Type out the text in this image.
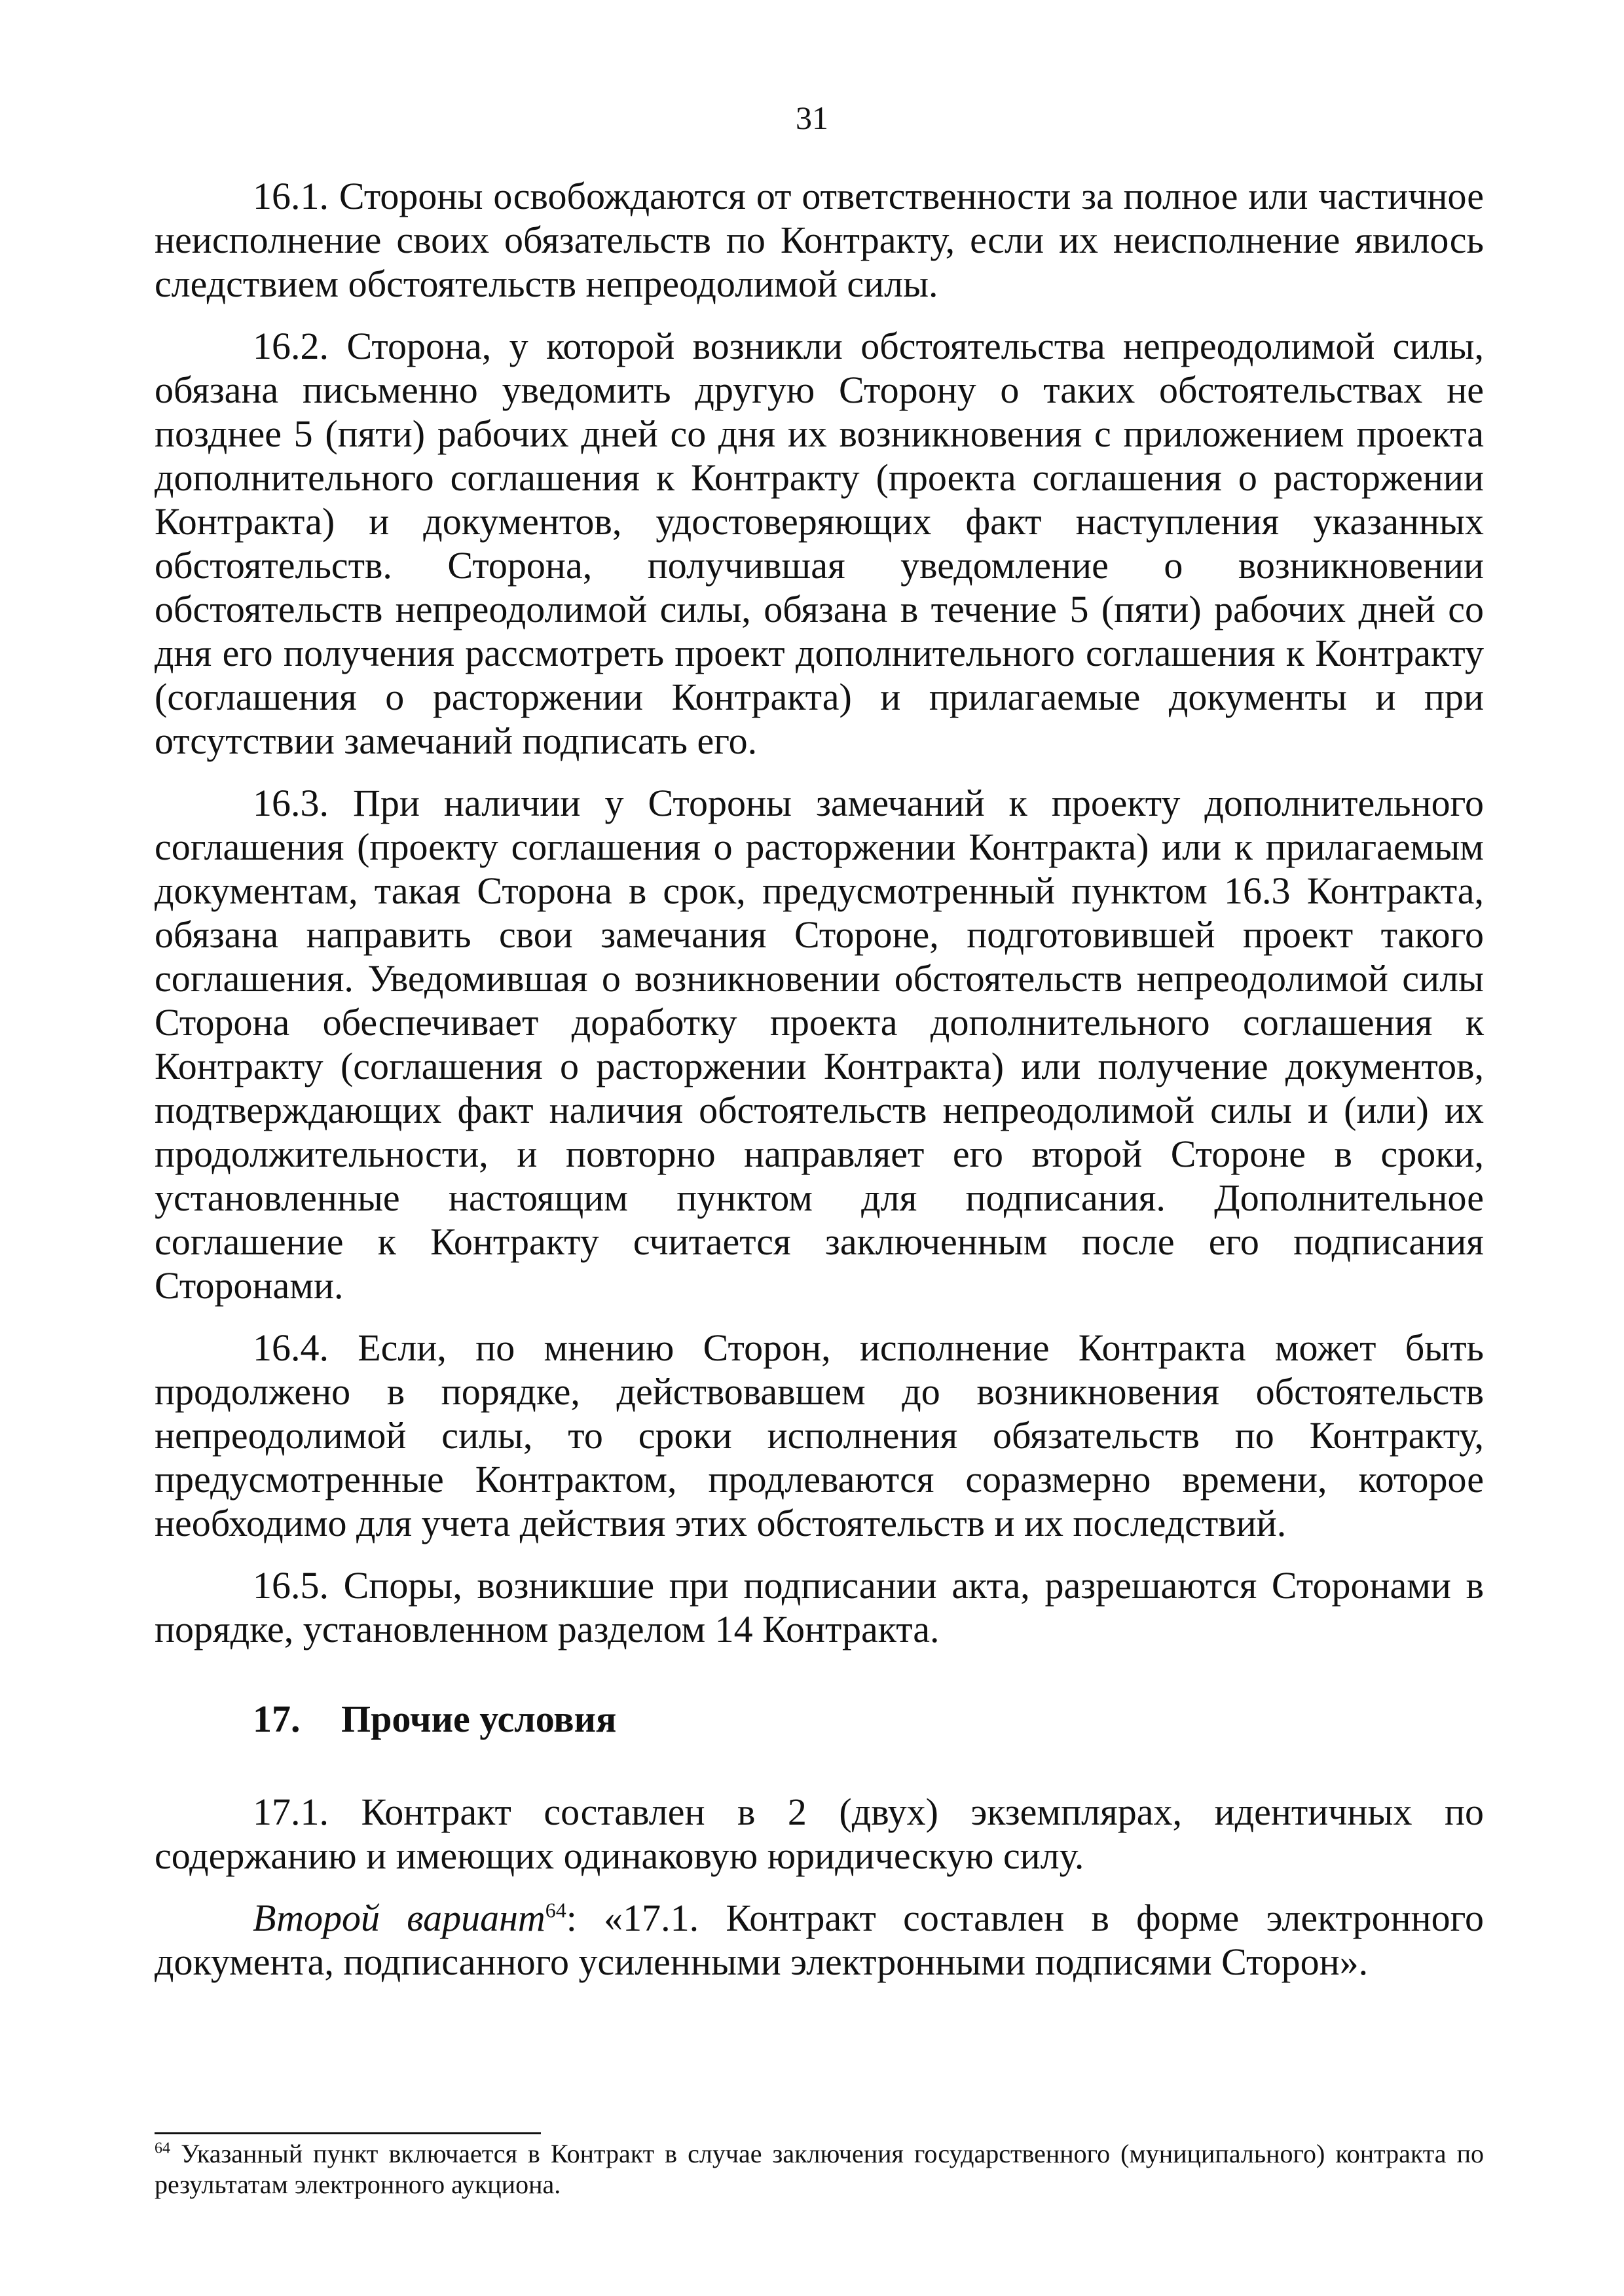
31

16.1. Стороны освобождаются от ответственности за полное или частичное неисполнение своих обязательств по Контракту, если их неисполнение явилось следствием обстоятельств непреодолимой силы.

16.2. Сторона, у которой возникли обстоятельства непреодолимой силы, обязана письменно уведомить другую Сторону о таких обстоятельствах не позднее 5 (пяти) рабочих дней со дня их возникновения с приложением проекта дополнительного соглашения к Контракту (проекта соглашения о расторжении Контракта) и документов, удостоверяющих факт наступления указанных обстоятельств. Сторона, получившая уведомление о возникновении обстоятельств непреодолимой силы, обязана в течение 5 (пяти) рабочих дней со дня его получения рассмотреть проект дополнительного соглашения к Контракту (соглашения о расторжении Контракта) и прилагаемые документы и при отсутствии замечаний подписать его.

16.3. При наличии у Стороны замечаний к проекту дополнительного соглашения (проекту соглашения о расторжении Контракта) или к прилагаемым документам, такая Сторона в срок, предусмотренный пунктом 16.3 Контракта, обязана направить свои замечания Стороне, подготовившей проект такого соглашения. Уведомившая о возникновении обстоятельств непреодолимой силы Сторона обеспечивает доработку проекта дополнительного соглашения к Контракту (соглашения о расторжении Контракта) или получение документов, подтверждающих факт наличия обстоятельств непреодолимой силы и (или) их продолжительности, и повторно направляет его второй Стороне в сроки, установленные настоящим пунктом для подписания. Дополнительное соглашение к Контракту считается заключенным после его подписания Сторонами.

16.4. Если, по мнению Сторон, исполнение Контракта может быть продолжено в порядке, действовавшем до возникновения обстоятельств непреодолимой силы, то сроки исполнения обязательств по Контракту, предусмотренные Контрактом, продлеваются соразмерно времени, которое необходимо для учета действия этих обстоятельств и их последствий.

16.5. Споры, возникшие при подписании акта, разрешаются Сторонами в порядке, установленном разделом 14 Контракта.

17.	Прочие условия

17.1. Контракт составлен в 2 (двух) экземплярах, идентичных по содержанию и имеющих одинаковую юридическую силу.

Второй вариант$^{64}$: «17.1. Контракт составлен в форме электронного документа, подписанного усиленными электронными подписями Сторон».

$^{64}$ Указанный пункт включается в Контракт в случае заключения государственного (муниципального) контракта по результатам электронного аукциона.
